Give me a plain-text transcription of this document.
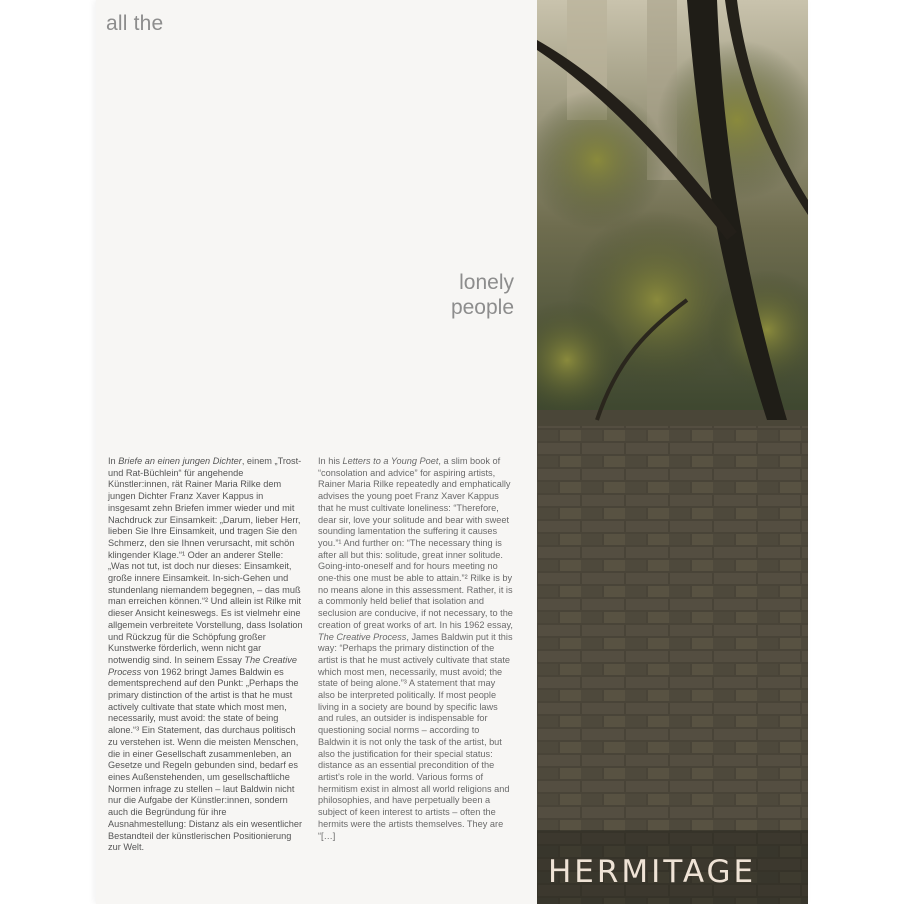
all the
lonely
people

In Briefe an einen jungen Dichter, einem „Trost- und Rat-Büchlein“ für angehende Künstler:innen, rät Rainer Maria Rilke dem jungen Dichter Franz Xaver Kappus in insgesamt zehn Briefen immer wieder und mit Nachdruck zur Einsamkeit: „Darum, lieber Herr, lieben Sie Ihre Einsamkeit, und tragen Sie den Schmerz, den sie Ihnen verursacht, mit schön klingender Klage.“¹ Oder an anderer Stelle: „Was not tut, ist doch nur dieses: Einsamkeit, große innere Einsamkeit. In-sich-Gehen und stundenlang niemandem begegnen, – das muß man erreichen können.“² Und allein ist Rilke mit dieser Ansicht keineswegs. Es ist vielmehr eine allgemein verbreitete Vorstellung, dass Isolation und Rückzug für die Schöpfung großer Kunstwerke förderlich, wenn nicht gar notwendig sind. In seinem Essay The Creative Process von 1962 bringt James Baldwin es dementsprechend auf den Punkt: „Perhaps the primary distinction of the artist is that he must actively cultivate that state which most men, necessarily, must avoid: the state of being alone.“³ Ein Statement, das durchaus politisch zu verstehen ist. Wenn die meisten Menschen, die in einer Gesellschaft zusammenleben, an Gesetze und Regeln gebunden sind, bedarf es eines Außenstehenden, um gesellschaftliche Normen infrage zu stellen – laut Baldwin nicht nur die Aufgabe der Künstler:innen, sondern auch die Begründung für ihre Ausnahmestellung: Distanz als ein wesentlicher Bestandteil der künstlerischen Positionierung zur Welt.

In his Letters to a Young Poet, a slim book of “consolation and advice” for aspiring artists, Rainer Maria Rilke repeatedly and emphatically advises the young poet Franz Xaver Kappus that he must cultivate loneliness: “Therefore, dear sir, love your solitude and bear with sweet sounding lamentation the suffering it causes you.”¹ And further on: “The necessary thing is after all but this: solitude, great inner solitude. Going-into-oneself and for hours meeting no one-this one must be able to attain.”² Rilke is by no means alone in this assessment. Rather, it is a commonly held belief that isolation and seclusion are conducive, if not necessary, to the creation of great works of art. In his 1962 essay, The Creative Process, James Baldwin put it this way: “Perhaps the primary distinction of the artist is that he must actively cultivate that state which most men, necessarily, must avoid; the state of being alone.”³ A statement that may also be interpreted politically. If most people living in a society are bound by specific laws and rules, an outsider is indispensable for questioning social norms – according to Baldwin it is not only the task of the artist, but also the justification for their special status: distance as an essential precondition of the artist’s role in the world. Various forms of hermitism exist in almost all world religions and philosophies, and have perpetually been a subject of keen interest to artists – often the hermits were the artists themselves. They are “[…]

HERMITAGE
